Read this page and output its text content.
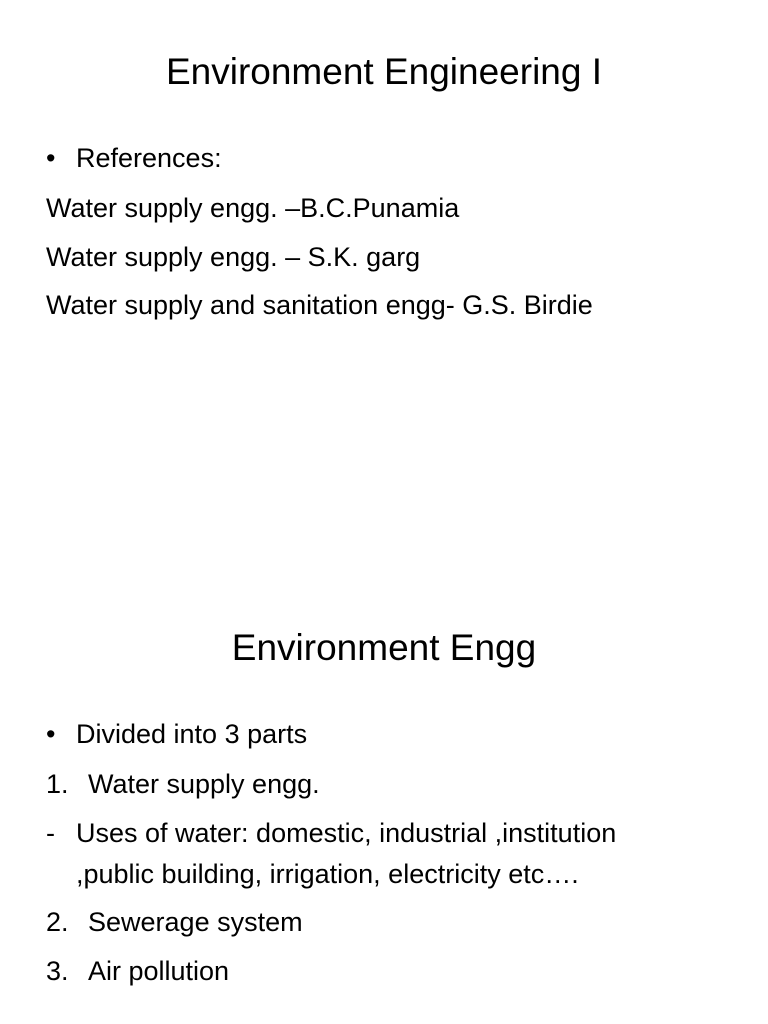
Environment Engineering I
• References:
Water supply engg. –B.C.Punamia
Water supply engg. – S.K. garg
Water supply and sanitation engg- G.S. Birdie
Environment Engg
• Divided into 3 parts
1. Water supply engg.
- Uses of water: domestic, industrial ,institution
,public building, irrigation, electricity etc….
2. Sewerage system
3. Air pollution
